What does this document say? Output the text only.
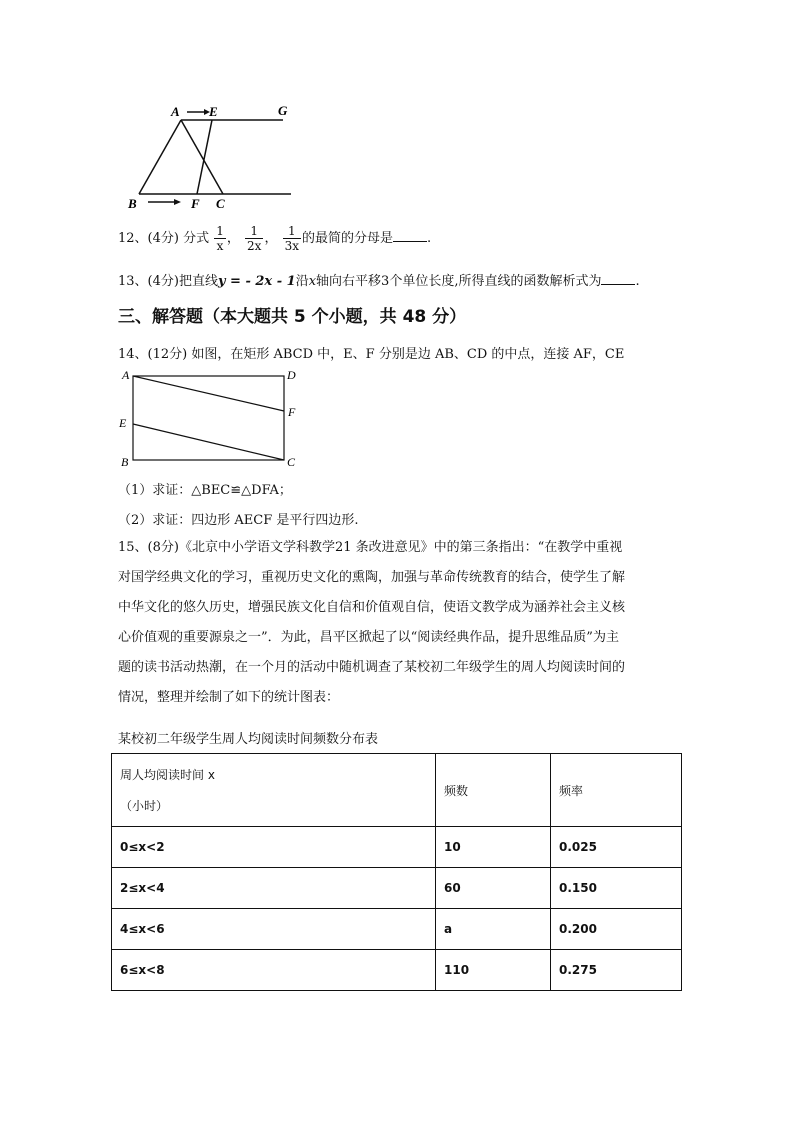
A E	G
B	F C
12、(4分) 分式 $\frac{1}{x}$ ， $\frac{1}{2x}$ ， $\frac{1}{3x}$ 的最简的分母是	.
13、(4分)把直线y = - 2x - 1沿x轴向右平移3个单位长度,所得直线的函数解析式为	.
三、解答题（本大题共 5 个小题，共 48 分）
14、(12分) 如图，在矩形 ABCD 中，E、F 分别是边 AB、CD 的中点，连接 AF，CE
A	D
E
F
B	C
（1）求证：△BEC≌△DFA；
（2）求证：四边形 AECF 是平行四边形.
15、(8分)《北京中小学语文学科教学21 条改进意见》中的第三条指出：“在教学中重视
对国学经典文化的学习，重视历史文化的熏陶，加强与革命传统教育的结合，使学生了解
中华文化的悠久历史，增强民族文化自信和价值观自信，使语文教学成为涵养社会主义核
心价值观的重要源泉之一”．为此，昌平区掀起了以“阅读经典作品，提升思维品质”为主
题的读书活动热潮，在一个月的活动中随机调查了某校初二年级学生的周人均阅读时间的
情况，整理并绘制了如下的统计图表：
某校初二年级学生周人均阅读时间频数分布表
周人均阅读时间 x
（小时）	频数	频率
0≤x<2	10	0.025
2≤x<4	60	0.150
4≤x<6	a	0.200
6≤x<8	110	0.275
